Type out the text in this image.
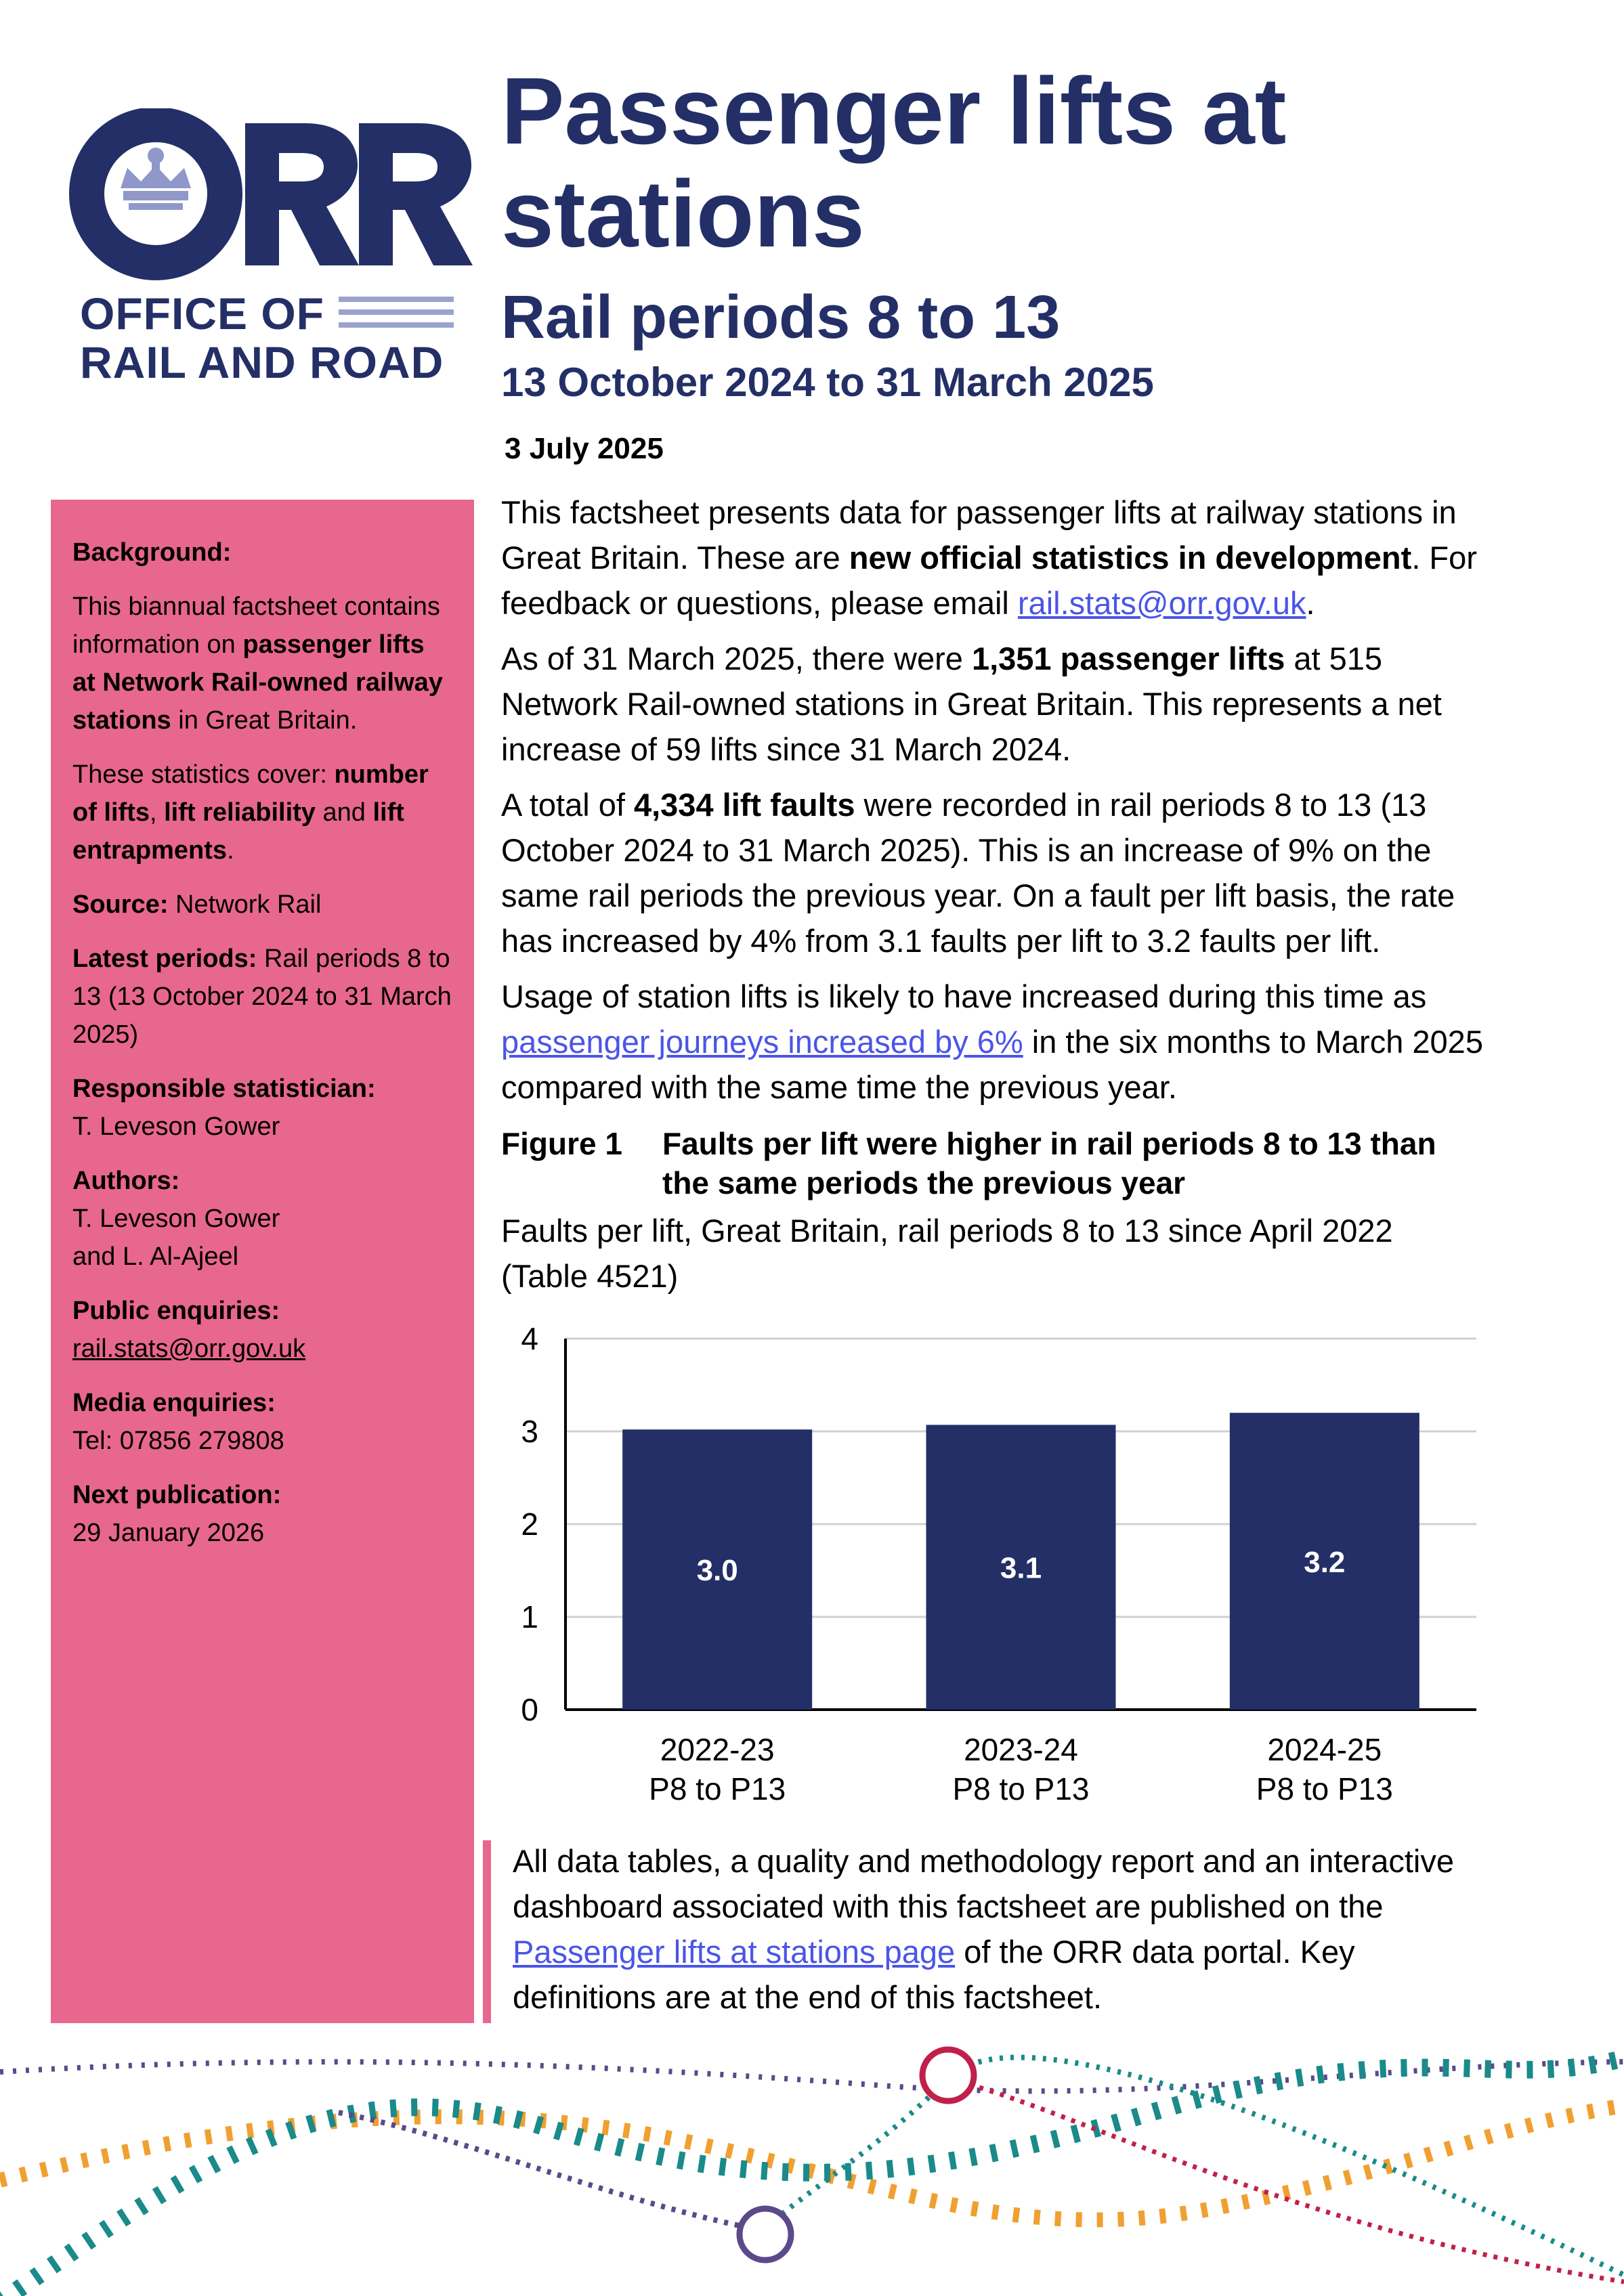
OFFICE OF
RAIL AND ROAD
Passenger lifts at stations
Rail periods 8 to 13
13 October 2024 to 31 March 2025
3 July 2025

Background:

This biannual factsheet contains information on passenger lifts at Network Rail-owned railway stations in Great Britain.

These statistics cover: number of lifts, lift reliability and lift entrapments.

Source: Network Rail

Latest periods: Rail periods 8 to 13 (13 October 2024 to 31 March 2025)

Responsible statistician:
T. Leveson Gower

Authors:
T. Leveson Gower
and L. Al-Ajeel

Public enquiries:
rail.stats@orr.gov.uk

Media enquiries:
Tel: 07856 279808

Next publication:
29 January 2026

This factsheet presents data for passenger lifts at railway stations in Great Britain. These are new official statistics in development. For feedback or questions, please email rail.stats@orr.gov.uk.

As of 31 March 2025, there were 1,351 passenger lifts at 515 Network Rail-owned stations in Great Britain. This represents a net increase of 59 lifts since 31 March 2024.

A total of 4,334 lift faults were recorded in rail periods 8 to 13 (13 October 2024 to 31 March 2025). This is an increase of 9% on the same rail periods the previous year. On a fault per lift basis, the rate has increased by 4% from 3.1 faults per lift to 3.2 faults per lift.

Usage of station lifts is likely to have increased during this time as passenger journeys increased by 6% in the six months to March 2025 compared with the same time the previous year.

Figure 1 Faults per lift were higher in rail periods 8 to 13 than the same periods the previous year
Faults per lift, Great Britain, rail periods 8 to 13 since April 2022 (Table 4521)
0
1
2
3
4
3.0
2022-23
P8 to P13
3.1
2023-24
P8 to P13
3.2
2024-25
P8 to P13
All data tables, a quality and methodology report and an interactive dashboard associated with this factsheet are published on the Passenger lifts at stations page of the ORR data portal. Key definitions are at the end of this factsheet.
